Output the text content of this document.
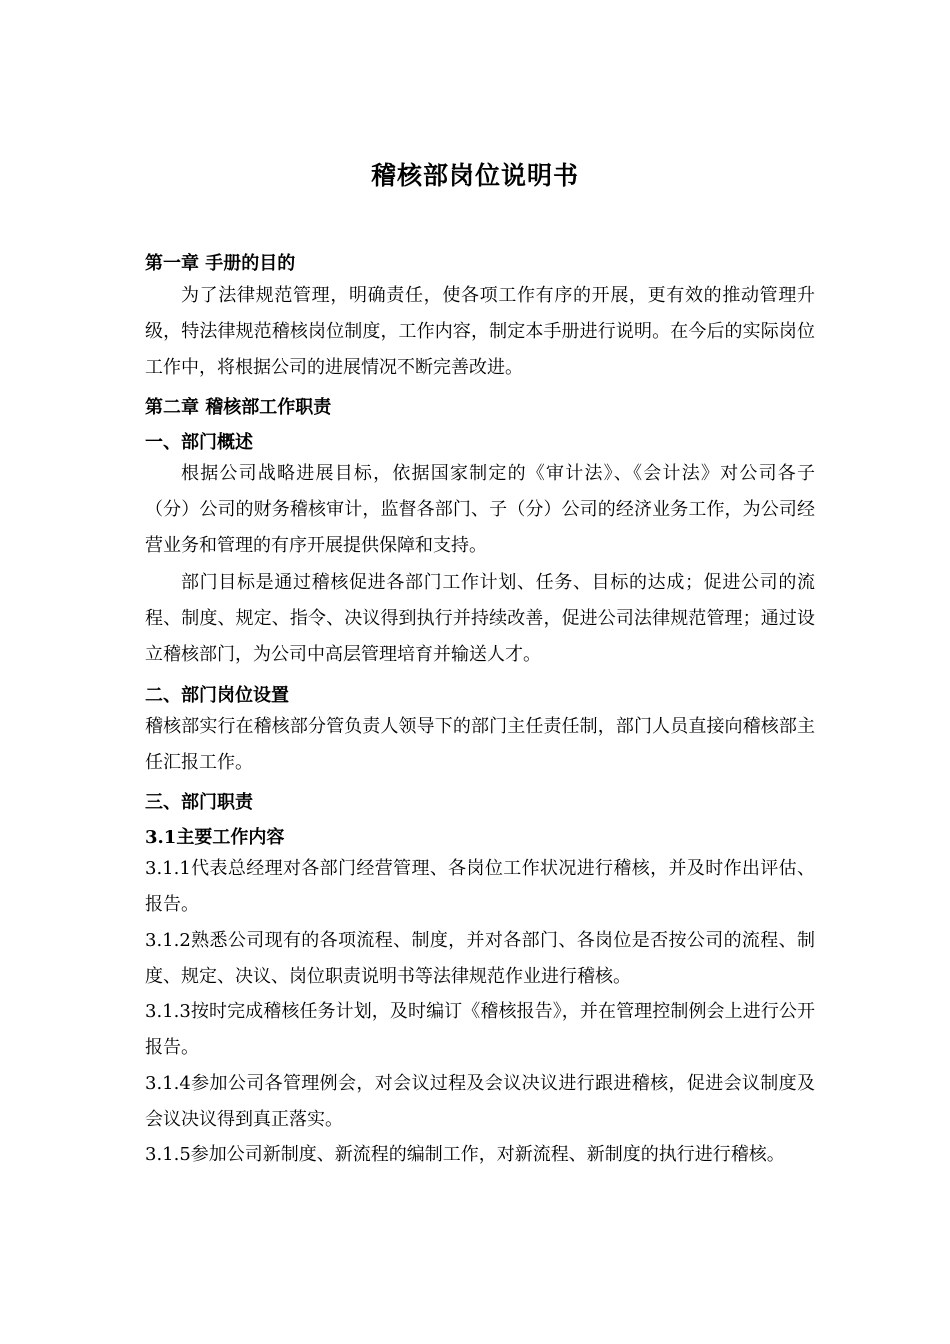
稽核部岗位说明书
第一章 手册的目的

为了法律规范管理，明确责任，使各项工作有序的开展，更有效的推动管理升级，特法律规范稽核岗位制度，工作内容，制定本手册进行说明。在今后的实际岗位工作中，将根据公司的进展情况不断完善改进。

第二章 稽核部工作职责
一、部门概述

根据公司战略进展目标，依据国家制定的《审计法》、《会计法》对公司各子（分）公司的财务稽核审计，监督各部门、子（分）公司的经济业务工作，为公司经营业务和管理的有序开展提供保障和支持。

部门目标是通过稽核促进各部门工作计划、任务、目标的达成；促进公司的流程、制度、规定、指令、决议得到执行并持续改善，促进公司法律规范管理；通过设立稽核部门，为公司中高层管理培育并输送人才。

二、部门岗位设置

稽核部实行在稽核部分管负责人领导下的部门主任责任制，部门人员直接向稽核部主任汇报工作。

三、部门职责
3.1主要工作内容

3.1.1代表总经理对各部门经营管理、各岗位工作状况进行稽核，并及时作出评估、报告。

3.1.2熟悉公司现有的各项流程、制度，并对各部门、各岗位是否按公司的流程、制度、规定、决议、岗位职责说明书等法律规范作业进行稽核。

3.1.3按时完成稽核任务计划，及时编订《稽核报告》，并在管理控制例会上进行公开报告。

3.1.4参加公司各管理例会，对会议过程及会议决议进行跟进稽核，促进会议制度及会议决议得到真正落实。

3.1.5参加公司新制度、新流程的编制工作，对新流程、新制度的执行进行稽核。
